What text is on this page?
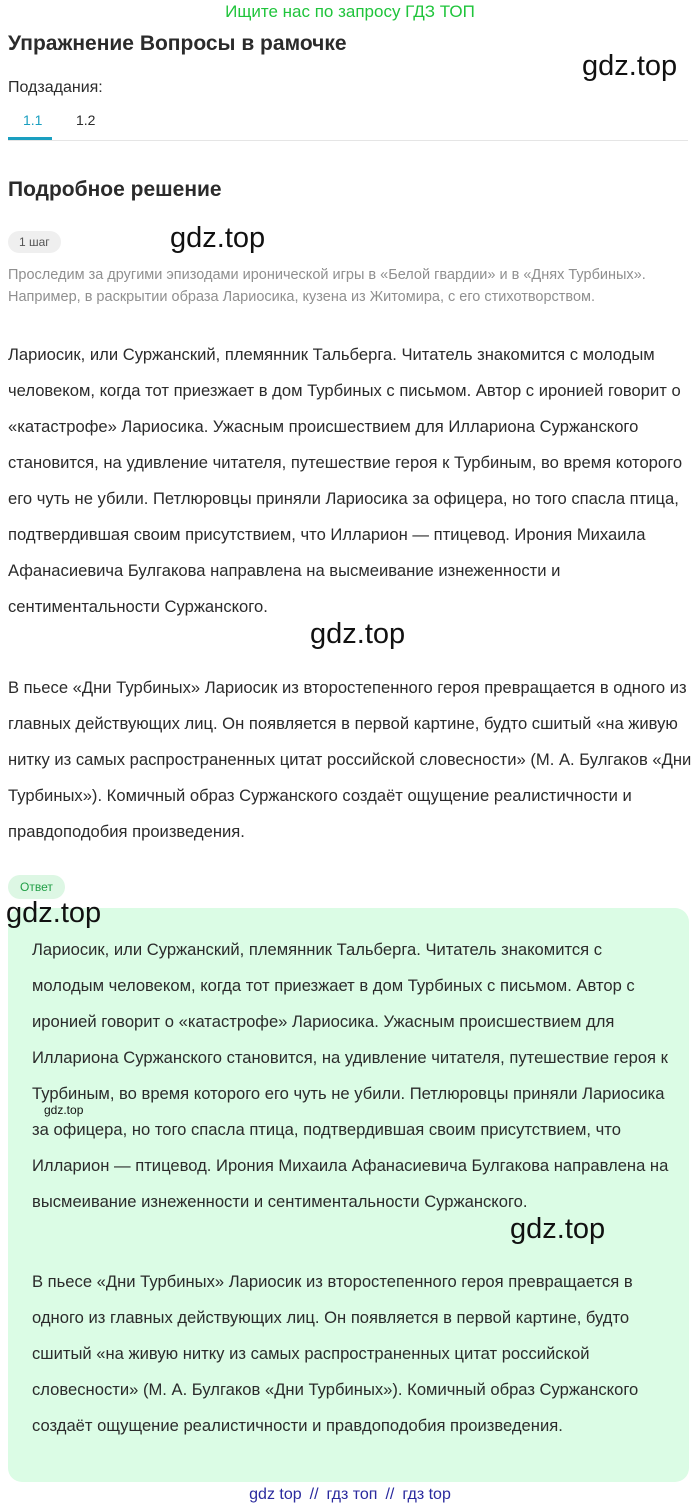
Ищите нас по запросу ГДЗ ТОП
Упражнение Вопросы в рамочке
gdz.top
Подзадания:
1.1 1.2
Подробное решение
1 шаг	gdz.top

Проследим за другими эпизодами иронической игры в «Белой гвардии» и в «Днях Турбиных». Например, в раскрытии образа Лариосика, кузена из Житомира, с его стихотворством.

Лариосик, или Суржанский, племянник Тальберга. Читатель знакомится с молодым человеком, когда тот приезжает в дом Турбиных с письмом. Автор с иронией говорит о «катастрофе» Лариосика. Ужасным происшествием для Иллариона Суржанского становится, на удивление читателя, путешествие героя к Турбиным, во время которого его чуть не убили. Петлюровцы приняли Лариосика за офицера, но того спасла птица, подтвердившая своим присутствием, что Илларион — птицевод. Ирония Михаила Афанасиевича Булгакова направлена на высмеивание изнеженности и сентиментальности Суржанского.

gdz.top

В пьесе «Дни Турбиных» Лариосик из второстепенного героя превращается в одного из главных действующих лиц. Он появляется в первой картине, будто сшитый «на живую нитку из самых распространенных цитат российской словесности» (М. А. Булгаков «Дни Турбиных»). Комичный образ Суржанского создаёт ощущение реалистичности и правдоподобия произведения.

Ответ

Лариосик, или Суржанский, племянник Тальберга. Читатель знакомится с молодым человеком, когда тот приезжает в дом Турбиных с письмом. Автор с иронией говорит о «катастрофе» Лариосика. Ужасным происшествием для Иллариона Суржанского становится, на удивление читателя, путешествие героя к Турбиным, во время которого его чуть не убили. Петлюровцы приняли Лариосика за офицера, но того спасла птица, подтвердившая своим присутствием, что Илларион — птицевод. Ирония Михаила Афанасиевича Булгакова направлена на высмеивание изнеженности и сентиментальности Суржанского.

В пьесе «Дни Турбиных» Лариосик из второстепенного героя превращается в одного из главных действующих лиц. Он появляется в первой картине, будто сшитый «на живую нитку из самых распространенных цитат российской словесности» (М. А. Булгаков «Дни Турбиных»). Комичный образ Суржанского создаёт ощущение реалистичности и правдоподобия произведения.

gdz.top
gdz.top
gdz.top
gdz top // гдз топ // гдз top
